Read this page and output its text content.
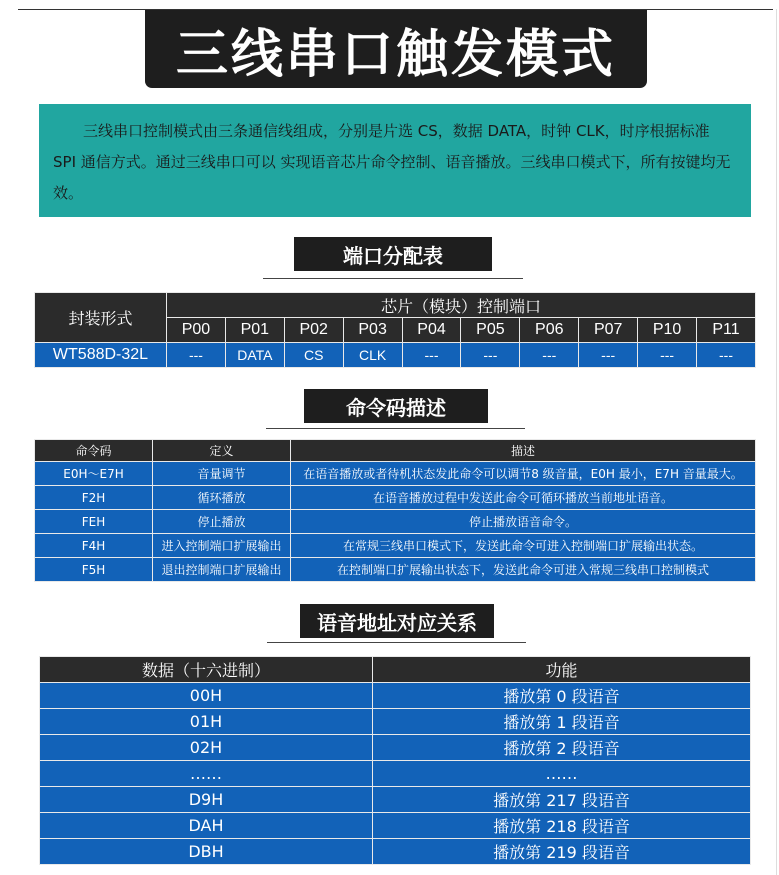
三线串口触发模式
三线串口控制模式由三条通信线组成，分别是片选 CS，数据 DATA，时钟 CLK，时序根据标准 SPI 通信方式。通过三线串口可以 实现语音芯片命令控制、语音播放。三线串口模式下，所有按键均无效。
端口分配表
封装形式	芯片（模块）控制端口									
	P00	P01	P02	P03	P04	P05	P06	P07	P10	P11
WT588D-32L	---	DATA	CS	CLK	---	---	---	---	---	---
命令码描述
命令码	定义	描述
E0H～E7H	音量调节	在语音播放或者待机状态发此命令可以调节8 级音量，E0H 最小，E7H 音量最大。
F2H	循环播放	在语音播放过程中发送此命令可循环播放当前地址语音。
FEH	停止播放	停止播放语音命令。
F4H	进入控制端口扩展输出	在常规三线串口模式下，发送此命令可进入控制端口扩展输出状态。
F5H	退出控制端口扩展输出	在控制端口扩展输出状态下，发送此命令可进入常规三线串口控制模式
语音地址对应关系
数据（十六进制）	功能
00H	播放第 0 段语音
01H	播放第 1 段语音
02H	播放第 2 段语音
……	……
D9H	播放第 217 段语音
DAH	播放第 218 段语音
DBH	播放第 219 段语音
